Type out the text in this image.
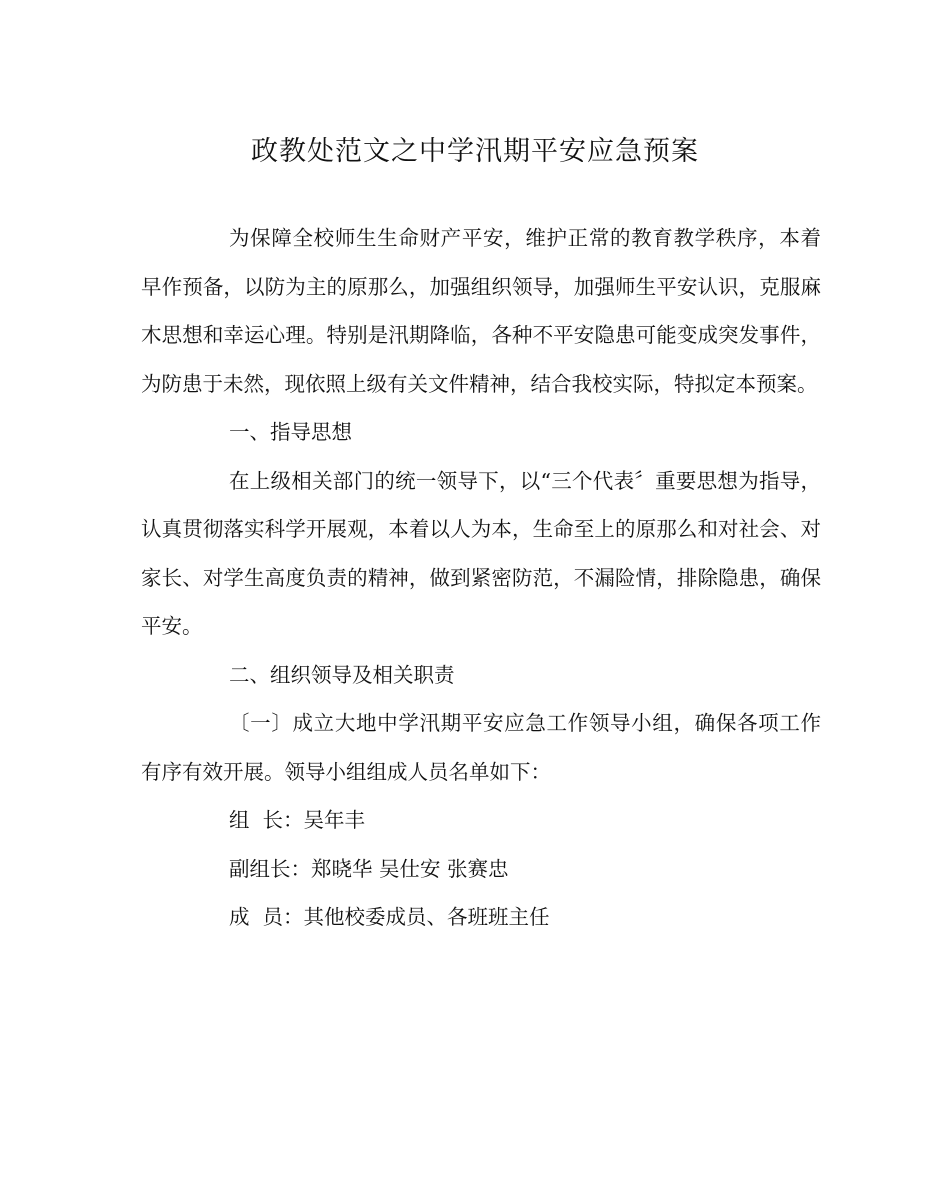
政教处范文之中学汛期平安应急预案

为保障全校师生生命财产平安，维护正常的教育教学秩序，本着早作预备，以防为主的原那么，加强组织领导，加强师生平安认识，克服麻木思想和幸运心理。特别是汛期降临，各种不平安隐患可能变成突发事件，为防患于未然，现依照上级有关文件精神，结合我校实际，特拟定本预案。

一、指导思想

在上级相关部门的统一领导下，以“三个代表〞重要思想为指导，认真贯彻落实科学开展观，本着以人为本，生命至上的原那么和对社会、对家长、对学生高度负责的精神，做到紧密防范，不漏险情，排除隐患，确保平安。

二、组织领导及相关职责

〔一〕成立大地中学汛期平安应急工作领导小组，确保各项工作有序有效开展。领导小组组成人员名单如下：

组  长：吴年丰

副组长：郑晓华 吴仕安 张赛忠

成  员：其他校委成员、各班班主任
